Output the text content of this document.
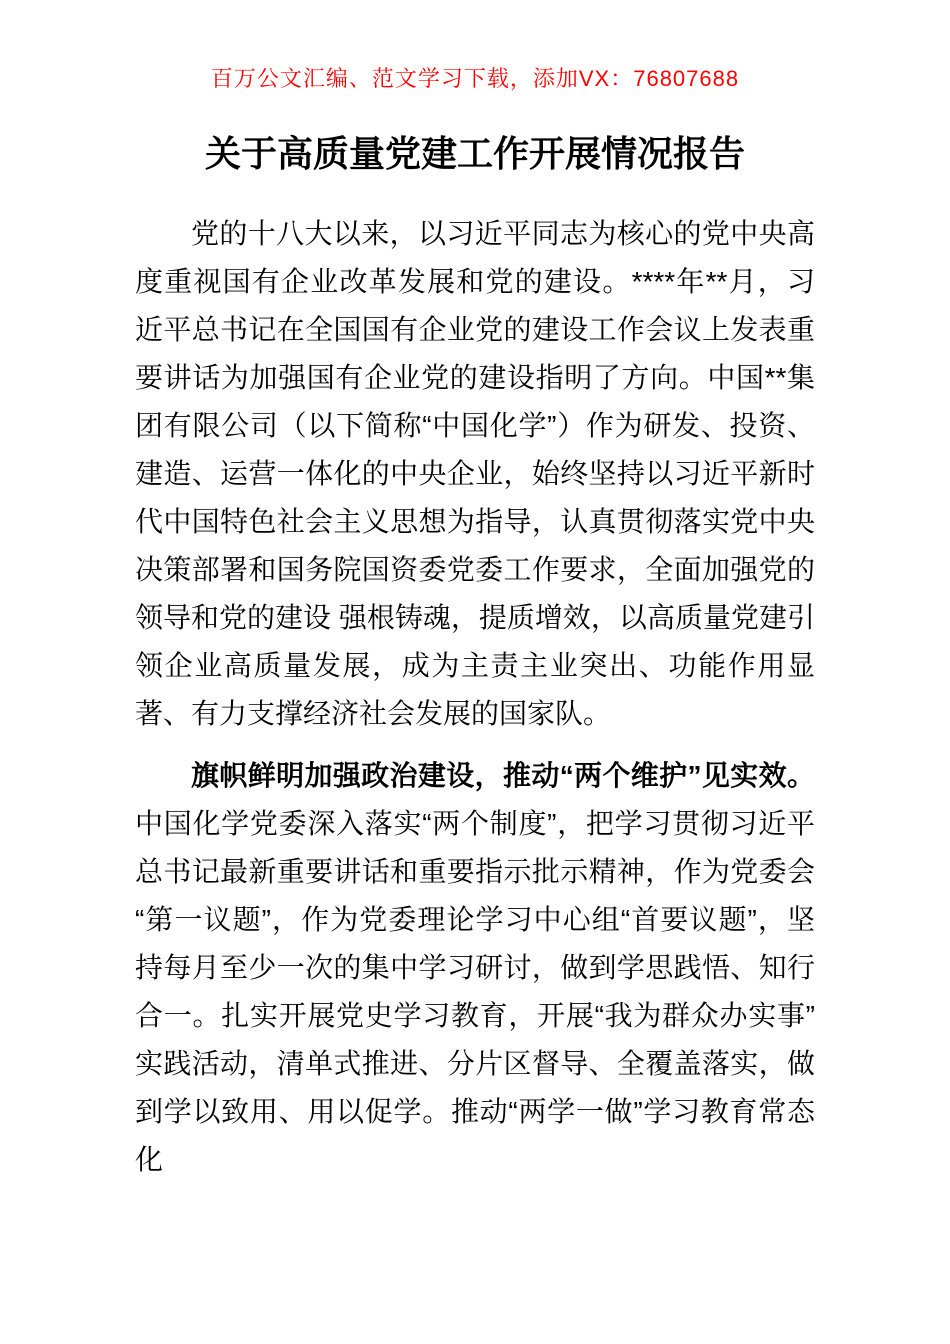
百万公文汇编、范文学习下载，添加VX：76807688
关于高质量党建工作开展情况报告

党的十八大以来，以习近平同志为核心的党中央高度重视国有企业改革发展和党的建设。****年**月，习近平总书记在全国国有企业党的建设工作会议上发表重要讲话为加强国有企业党的建设指明了方向。中国**集团有限公司（以下简称“中国化学”）作为研发、投资、建造、运营一体化的中央企业，始终坚持以习近平新时代中国特色社会主义思想为指导，认真贯彻落实党中央决策部署和国务院国资委党委工作要求，全面加强党的领导和党的建设 强根铸魂，提质增效，以高质量党建引领企业高质量发展，成为主责主业突出、功能作用显著、有力支撑经济社会发展的国家队。

旗帜鲜明加强政治建设，推动“两个维护”见实效。中国化学党委深入落实“两个制度”，把学习贯彻习近平总书记最新重要讲话和重要指示批示精神，作为党委会“第一议题”，作为党委理论学习中心组“首要议题”，坚持每月至少一次的集中学习研讨，做到学思践悟、知行合一。扎实开展党史学习教育，开展“我为群众办实事”实践活动，清单式推进、分片区督导、全覆盖落实，做到学以致用、用以促学。推动“两学一做”学习教育常态化
